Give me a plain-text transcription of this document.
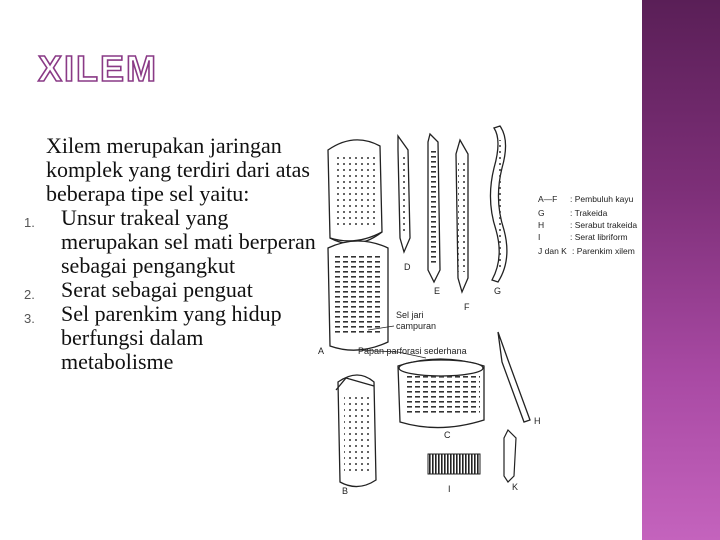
XILEM

Xilem merupakan jaringan komplek yang terdiri dari atas beberapa tipe sel yaitu:

1. Unsur trakeal yang merupakan sel mati berperan sebagai pengangkut
2. Serat sebagai penguat
3. Sel parenkim yang hidup berfungsi dalam metabolisme
Sel jari
campuran
Papan parforasi sederhana
A
B
C
D
E
F
G
H
I	K
A—F : Pembuluh kayu
G	: Trakeida
H	: Serabut trakeida
I	: Serat libriform
J dan K : Parenkim xilem
